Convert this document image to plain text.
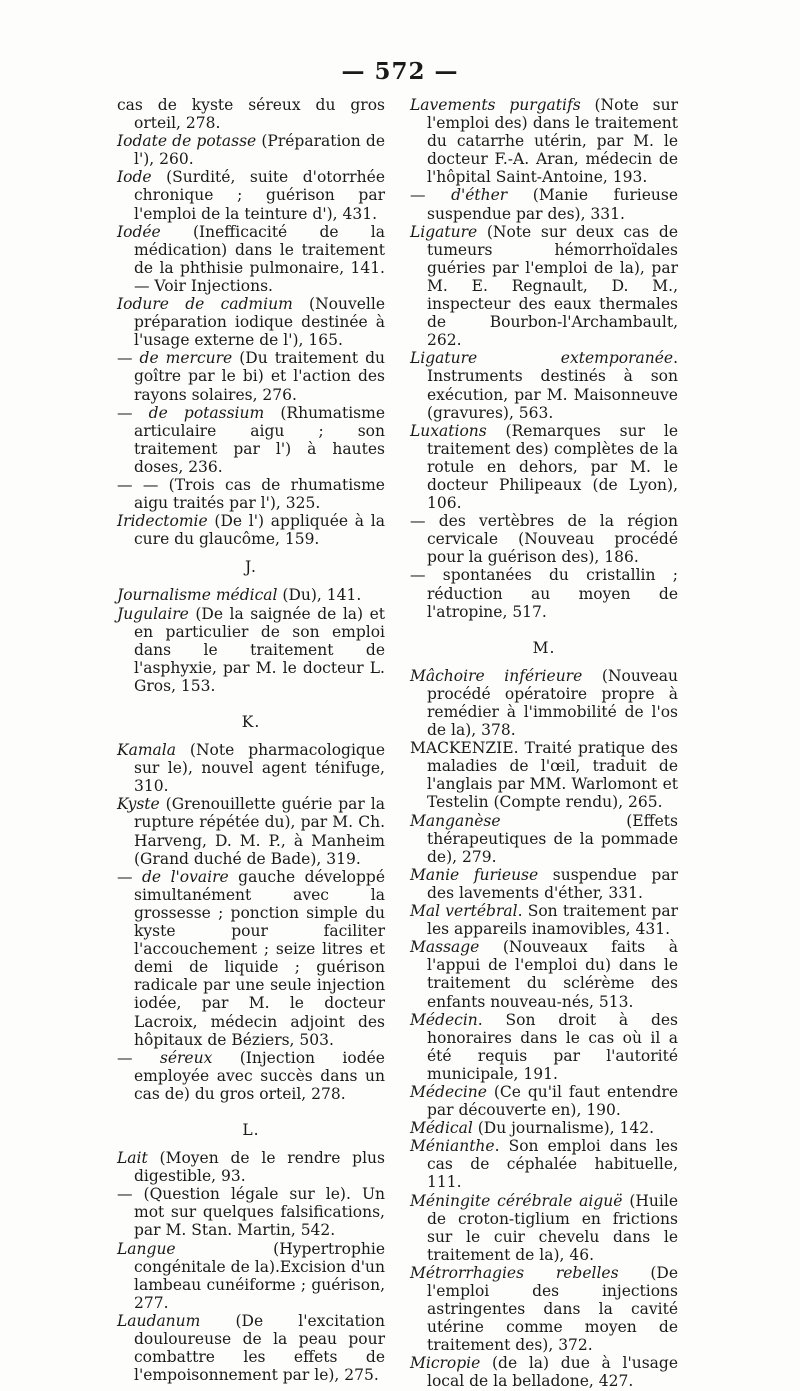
— 572 —

cas de kyste séreux du gros orteil, 278.

Iodate de potasse (Préparation de l'), 260.

Iode (Surdité, suite d'otorrhée chronique ; guérison par l'emploi de la teinture d'), 431.

Iodée (Inefficacité de la médication) dans le traitement de la phthisie pulmonaire, 141.— Voir Injections.

Iodure de cadmium (Nouvelle préparation iodique destinée à l'usage externe de l'), 165.

— de mercure (Du traitement du goître par le bi) et l'action des rayons solaires, 276.

— de potassium (Rhumatisme articulaire aigu ; son traitement par l') à hautes doses, 236.

— — (Trois cas de rhumatisme aigu traités par l'), 325.

Iridectomie (De l') appliquée à la cure du glaucôme, 159.

J.

Journalisme médical (Du), 141.

Jugulaire (De la saignée de la) et en particulier de son emploi dans le traitement de l'asphyxie, par M. le docteur L. Gros, 153.

K.

Kamala (Note pharmacologique sur le), nouvel agent ténifuge, 310.

Kyste (Grenouillette guérie par la rupture répétée du), par M. Ch. Harveng, D. M. P., à Manheim (Grand duché de Bade), 319.

— de l'ovaire gauche développé simultanément avec la grossesse ; ponction simple du kyste pour faciliter l'accouchement ; seize litres et demi de liquide ; guérison radicale par une seule injection iodée, par M. le docteur Lacroix, médecin adjoint des hôpitaux de Béziers, 503.

— séreux (Injection iodée employée avec succès dans un cas de) du gros orteil, 278.

L.

Lait (Moyen de le rendre plus digestible, 93.

— (Question légale sur le). Un mot sur quelques falsifications, par M. Stan. Martin, 542.

Langue (Hypertrophie congénitale de la).Excision d'un lambeau cunéiforme ; guérison, 277.

Laudanum (De l'excitation douloureuse de la peau pour combattre les effets de l'empoisonnement par le), 275.

Lavements purgatifs (Note sur l'emploi des) dans le traitement du catarrhe utérin, par M. le docteur F.-A. Aran, médecin de l'hôpital Saint-Antoine, 193.

— d'éther (Manie furieuse suspendue par des), 331.

Ligature (Note sur deux cas de tumeurs hémorrhoïdales guéries par l'emploi de la), par M. E. Regnault, D. M., inspecteur des eaux thermales de Bourbon-l'Archambault, 262.

Ligature extemporanée. Instruments destinés à son exécution, par M. Maisonneuve (gravures), 563.

Luxations (Remarques sur le traitement des) complètes de la rotule en dehors, par M. le docteur Philipeaux (de Lyon), 106.

— des vertèbres de la région cervicale (Nouveau procédé pour la guérison des), 186.

— spontanées du cristallin ; réduction au moyen de l'atropine, 517.

M.

Mâchoire inférieure (Nouveau procédé opératoire propre à remédier à l'immobilité de l'os de la), 378.

MACKENZIE. Traité pratique des maladies de l'œil, traduit de l'anglais par MM. Warlomont et Testelin (Compte rendu), 265.

Manganèse (Effets thérapeutiques de la pommade de), 279.

Manie furieuse suspendue par des lavements d'éther, 331.

Mal vertébral. Son traitement par les appareils inamovibles, 431.

Massage (Nouveaux faits à l'appui de l'emploi du) dans le traitement du sclérème des enfants nouveau-nés, 513.

Médecin. Son droit à des honoraires dans le cas où il a été requis par l'autorité municipale, 191.

Médecine (Ce qu'il faut entendre par découverte en), 190.

Médical (Du journalisme), 142.

Ménianthe. Son emploi dans les cas de céphalée habituelle, 111.

Méningite cérébrale aiguë (Huile de croton-tiglium en frictions sur le cuir chevelu dans le traitement de la), 46.

Métrorrhagies rebelles (De l'emploi des injections astringentes dans la cavité utérine comme moyen de traitement des), 372.

Micropie (de la) due à l'usage local de la belladone, 427.
